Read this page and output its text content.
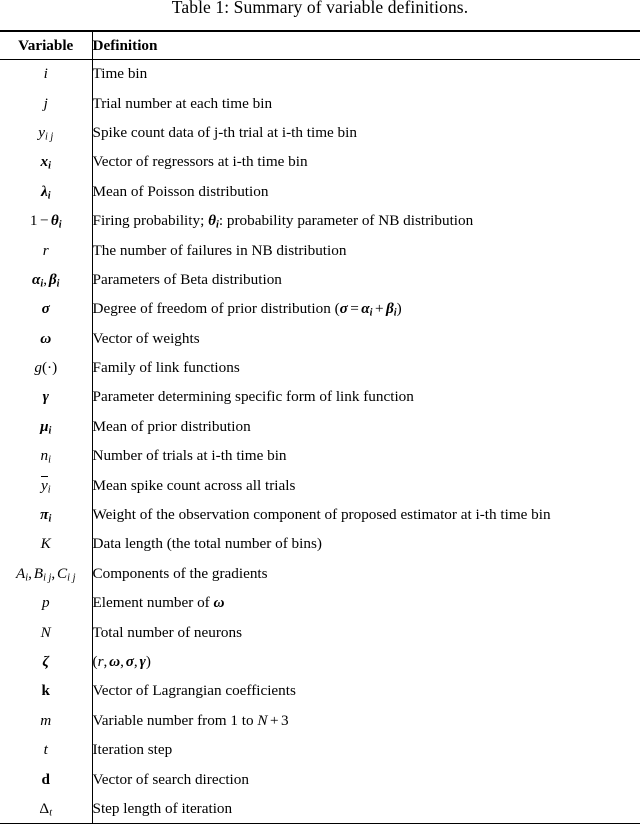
Table 1: Summary of variable definitions.

Variable	Definition
i	Time bin
j	Trial number at each time bin
$y_{i j}$	Spike count data of j-th trial at i-th time bin
$x_i$	Vector of regressors at i-th time bin
$\lambda_i$	Mean of Poisson distribution
$1 - \theta_i$	Firing probability; $\theta_i$: probability parameter of NB distribution
r	The number of failures in NB distribution
$\alpha_i$, $\beta_i$	Parameters of Beta distribution
σ	Degree of freedom of prior distribution $(\sigma = \alpha_i + \beta_i)$
ω	Vector of weights
g(·)	Family of link functions
γ	Parameter determining specific form of link function
$\mu_i$	Mean of prior distribution
$n_i$	Number of trials at i-th time bin
$y_i$	Mean spike count across all trials
$\pi_i$	Weight of the observation component of proposed estimator at i-th time bin
K	Data length (the total number of bins)
$A_i$, $B_{i j}$, $C_{i j}$	Components of the gradients
p	Element number of ω
N	Total number of neurons
ζ	(r, ω, σ, γ)
k	Vector of Lagrangian coefficients
m	Variable number from 1 to N + 3
t	Iteration step
d	Vector of search direction
$\Delta_t$	Step length of iteration
